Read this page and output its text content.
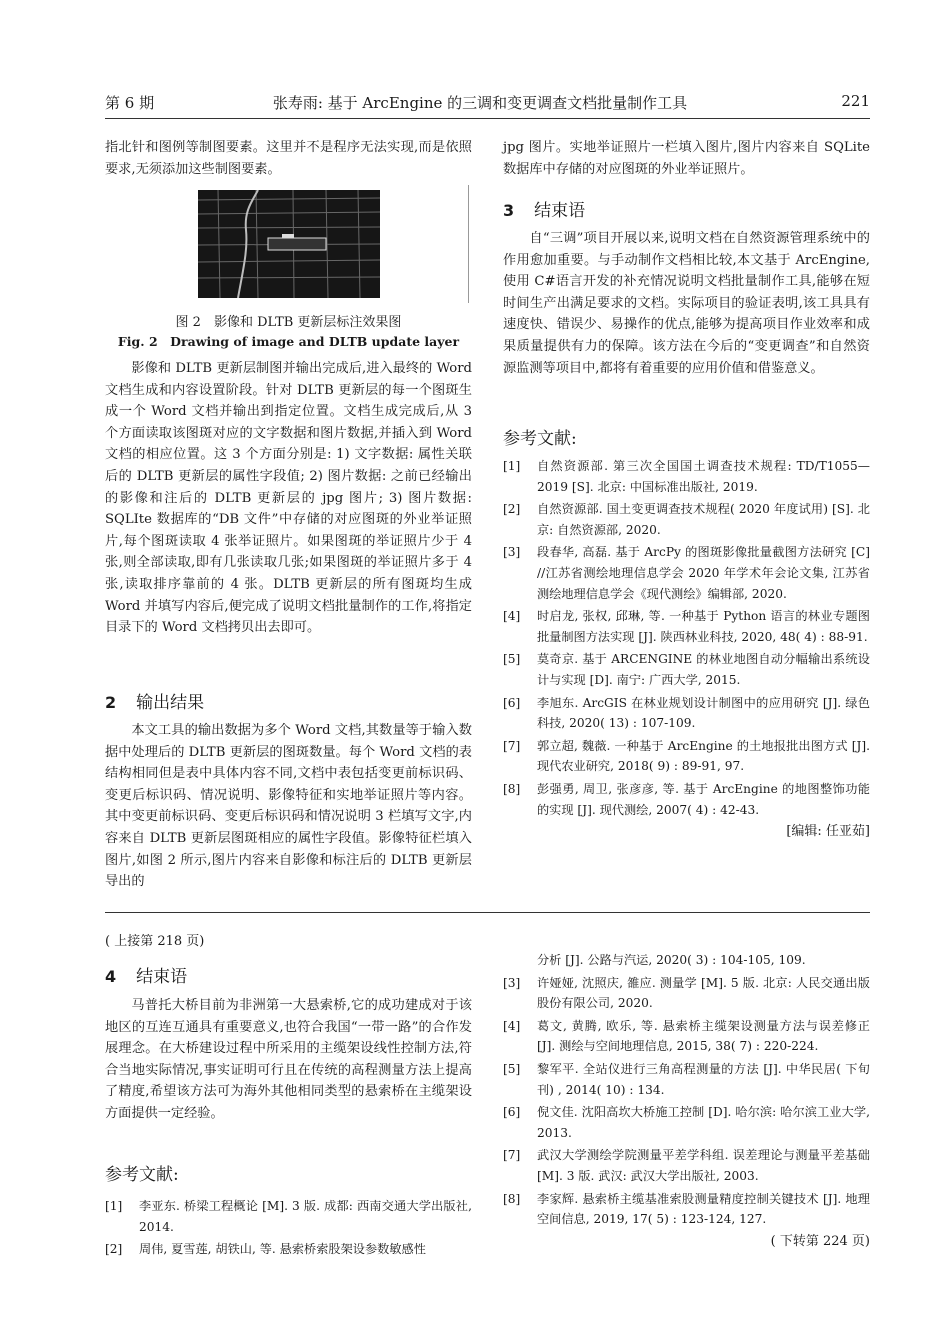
第 6 期	张寿雨: 基于 ArcEngine 的三调和变更调查文档批量制作工具	221

指北针和图例等制图要素。这里并不是程序无法实现,而是依照要求,无须添加这些制图要素。

图 2　影像和 DLTB 更新层标注效果图
Fig. 2　Drawing of image and DLTB update layer

影像和 DLTB 更新层制图并输出完成后,进入最终的 Word 文档生成和内容设置阶段。针对 DLTB 更新层的每一个图斑生成一个 Word 文档并输出到指定位置。文档生成完成后,从 3 个方面读取该图斑对应的文字数据和图片数据,并插入到 Word 文档的相应位置。这 3 个方面分别是: 1) 文字数据: 属性关联后的 DLTB 更新层的属性字段值; 2) 图片数据: 之前已经输出的影像和注后的 DLTB 更新层的 jpg 图片; 3) 图片数据: SQLIte 数据库的“DB 文件”中存储的对应图斑的外业举证照片,每个图斑读取 4 张举证照片。如果图斑的举证照片少于 4 张,则全部读取,即有几张读取几张;如果图斑的举证照片多于 4 张,读取排序靠前的 4 张。DLTB 更新层的所有图斑均生成 Word 并填写内容后,便完成了说明文档批量制作的工作,将指定目录下的 Word 文档拷贝出去即可。

2 输出结果

本文工具的输出数据为多个 Word 文档,其数量等于输入数据中处理后的 DLTB 更新层的图斑数量。每个 Word 文档的表结构相同但是表中具体内容不同,文档中表包括变更前标识码、变更后标识码、情况说明、影像特征和实地举证照片等内容。其中变更前标识码、变更后标识码和情况说明 3 栏填写文字,内容来自 DLTB 更新层图斑相应的属性字段值。影像特征栏填入图片,如图 2 所示,图片内容来自影像和标注后的 DLTB 更新层导出的

jpg 图片。实地举证照片一栏填入图片,图片内容来自 SQLite 数据库中存储的对应图斑的外业举证照片。

3 结束语

自“三调”项目开展以来,说明文档在自然资源管理系统中的作用愈加重要。与手动制作文档相比较,本文基于 ArcEngine,使用 C#语言开发的补充情况说明文档批量制作工具,能够在短时间生产出满足要求的文档。实际项目的验证表明,该工具具有速度快、错误少、易操作的优点,能够为提高项目作业效率和成果质量提供有力的保障。该方法在今后的“变更调查”和自然资源监测等项目中,都将有着重要的应用价值和借鉴意义。

参考文献:
[1]	自然资源部. 第三次全国国土调查技术规程: TD/T1055—2019 [S]. 北京: 中国标准出版社, 2019.
[2]	自然资源部. 国土变更调查技术规程( 2020 年度试用) [S]. 北京: 自然资源部, 2020.
[3]	段春华, 高磊. 基于 ArcPy 的图斑影像批量截图方法研究 [C] //江苏省测绘地理信息学会 2020 年学术年会论文集, 江苏省测绘地理信息学会《现代测绘》编辑部, 2020.
[4]	时启龙, 张权, 邱琳, 等. 一种基于 Python 语言的林业专题图批量制图方法实现 [J]. 陕西林业科技, 2020, 48( 4) : 88-91.
[5]	莫奇京. 基于 ARCENGINE 的林业地图自动分幅输出系统设计与实现 [D]. 南宁: 广西大学, 2015.
[6]	李旭东. ArcGIS 在林业规划设计制图中的应用研究 [J]. 绿色科技, 2020( 13) : 107-109.
[7]	郭立超, 魏薇. 一种基于 ArcEngine 的土地报批出图方式 [J]. 现代农业研究, 2018( 9) : 89-91, 97.
[8]	彭强勇, 周卫, 张彦彦, 等. 基于 ArcEngine 的地图整饰功能的实现 [J]. 现代测绘, 2007( 4) : 42-43.
[编辑: 任亚茹]
( 上接第 218 页)
4 结束语

马普托大桥目前为非洲第一大悬索桥,它的成功建成对于该地区的互连互通具有重要意义,也符合我国“一带一路”的合作发展理念。在大桥建设过程中所采用的主缆架设线性控制方法,符合当地实际情况,事实证明可行且在传统的高程测量方法上提高了精度,希望该方法可为海外其他相同类型的悬索桥在主缆架设方面提供一定经验。

参考文献:
[1]	李亚东. 桥梁工程概论 [M]. 3 版. 成都: 西南交通大学出版社, 2014.
[2]	周伟, 夏雪莲, 胡铁山, 等. 悬索桥索股架设参数敏感性
分析 [J]. 公路与汽运, 2020( 3) : 104-105, 109.
[3]	许娅娅, 沈照庆, 雒应. 测量学 [M]. 5 版. 北京: 人民交通出版股份有限公司, 2020.
[4]	葛文, 黄腾, 欧乐, 等. 悬索桥主缆架设测量方法与误差修正 [J]. 测绘与空间地理信息, 2015, 38( 7) : 220-224.
[5]	黎军平. 全站仪进行三角高程测量的方法 [J]. 中华民居( 下旬刊) , 2014( 10) : 134.
[6]	倪文佳. 沈阳高坎大桥施工控制 [D]. 哈尔滨: 哈尔滨工业大学, 2013.
[7]	武汉大学测绘学院测量平差学科组. 误差理论与测量平差基础 [M]. 3 版. 武汉: 武汉大学出版社, 2003.
[8]	李家辉. 悬索桥主缆基准索股测量精度控制关键技术 [J]. 地理空间信息, 2019, 17( 5) : 123-124, 127.
( 下转第 224 页)
